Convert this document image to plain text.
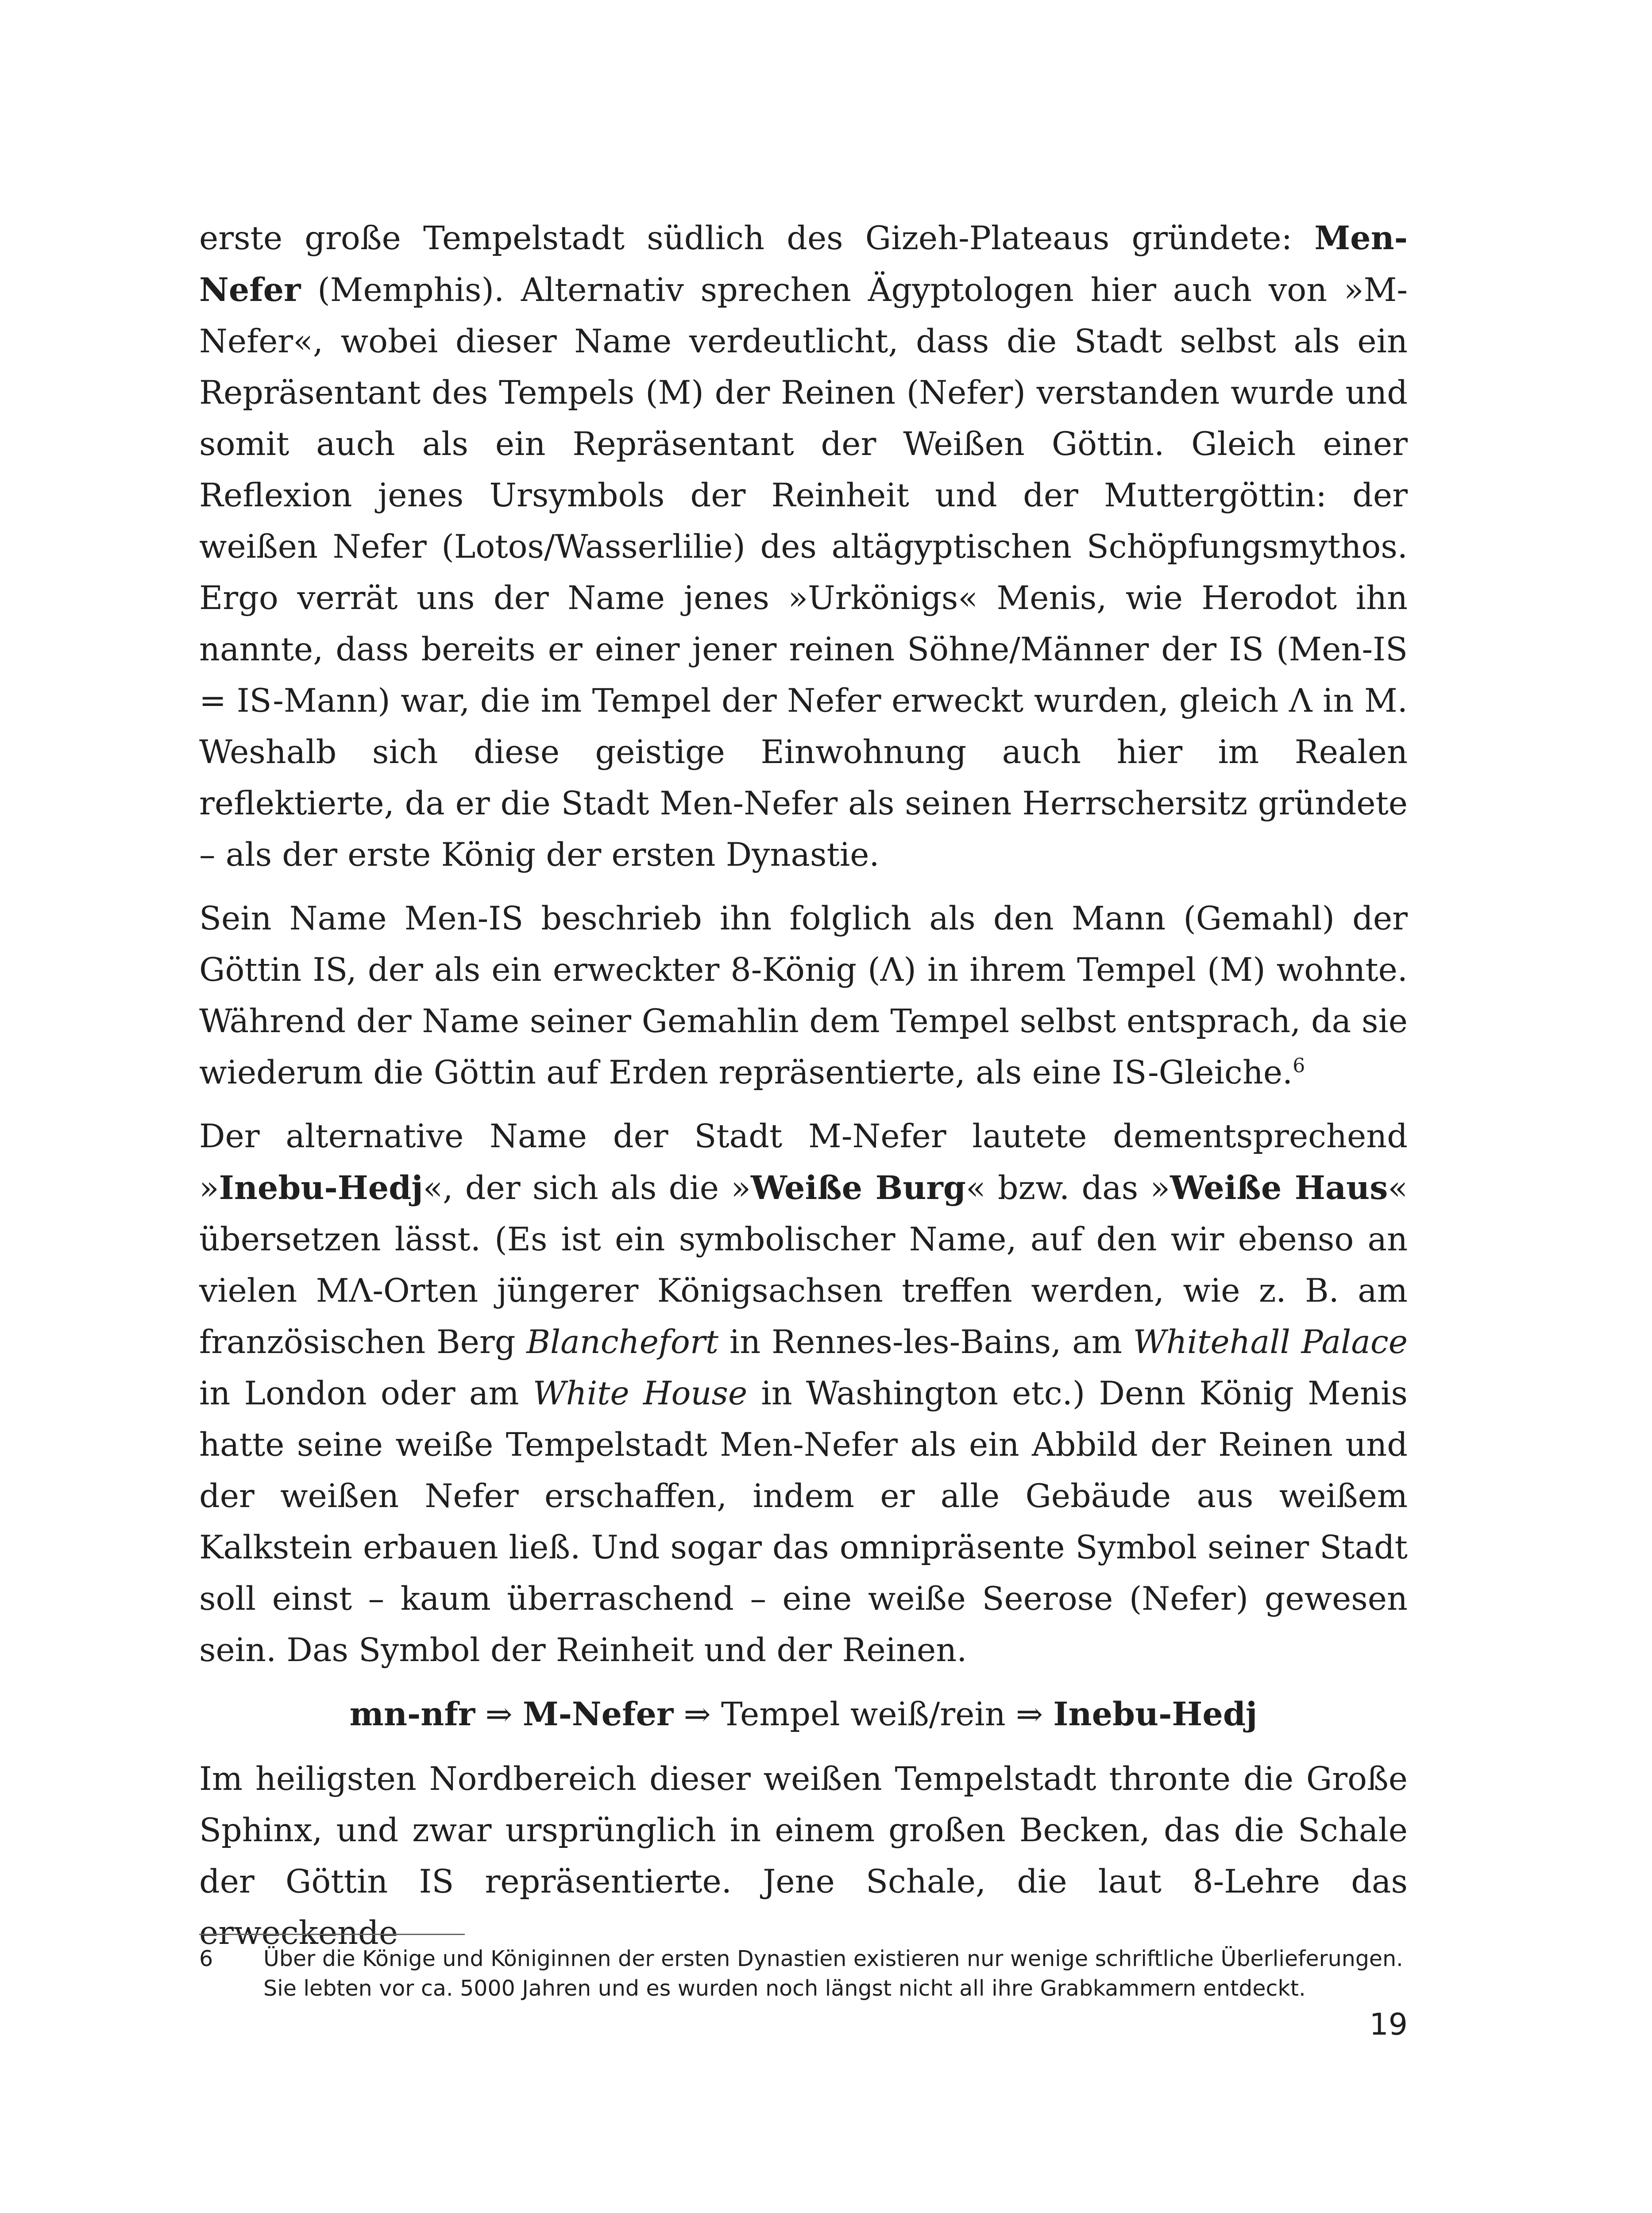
erste große Tempelstadt südlich des Gizeh-Plateaus gründete: Men-Nefer (Memphis). Alternativ sprechen Ägyptologen hier auch von »M-Nefer«, wobei dieser Name verdeutlicht, dass die Stadt selbst als ein Repräsentant des Tempels (M) der Reinen (Nefer) verstanden wurde und somit auch als ein Repräsentant der Weißen Göttin. Gleich einer Reflexion jenes Ursymbols der Reinheit und der Muttergöttin: der weißen Nefer (Lotos/Wasserlilie) des altägyptischen Schöpfungsmythos. Ergo verrät uns der Name jenes »Urkönigs« Menis, wie Herodot ihn nannte, dass bereits er einer jener reinen Söhne/Männer der IS (Men-IS = IS-Mann) war, die im Tempel der Nefer erweckt wurden, gleich Λ in M. Weshalb sich diese geistige Einwohnung auch hier im Realen reflektierte, da er die Stadt Men-Nefer als seinen Herrschersitz gründete – als der erste König der ersten Dynastie.

Sein Name Men-IS beschrieb ihn folglich als den Mann (Gemahl) der Göttin IS, der als ein erweckter 8-König (Λ) in ihrem Tempel (M) wohnte. Während der Name seiner Gemahlin dem Tempel selbst entsprach, da sie wiederum die Göttin auf Erden repräsentierte, als eine IS-Gleiche.$^6$

Der alternative Name der Stadt M-Nefer lautete dementsprechend »Inebu-Hedj«, der sich als die »Weiße Burg« bzw. das »Weiße Haus« übersetzen lässt. (Es ist ein symbolischer Name, auf den wir ebenso an vielen MΛ-Orten jüngerer Königsachsen treffen werden, wie z. B. am französischen Berg Blanchefort in Rennes-les-Bains, am Whitehall Palace in London oder am White House in Washington etc.) Denn König Menis hatte seine weiße Tempelstadt Men-Nefer als ein Abbild der Reinen und der weißen Nefer erschaffen, indem er alle Gebäude aus weißem Kalkstein erbauen ließ. Und sogar das omnipräsente Symbol seiner Stadt soll einst – kaum überraschend – eine weiße Seerose (Nefer) gewesen sein. Das Symbol der Reinheit und der Reinen.

mn-nfr ⇒ M-Nefer ⇒ Tempel weiß/rein ⇒ Inebu-Hedj

Im heiligsten Nordbereich dieser weißen Tempelstadt thronte die Große Sphinx, und zwar ursprünglich in einem großen Becken, das die Schale der Göttin IS repräsentierte. Jene Schale, die laut 8-Lehre das erweckende

6	Über die Könige und Königinnen der ersten Dynastien existieren nur wenige schriftliche Überlieferungen. Sie lebten vor ca. 5000 Jahren und es wurden noch längst nicht all ihre Grabkammern entdeckt.
19
